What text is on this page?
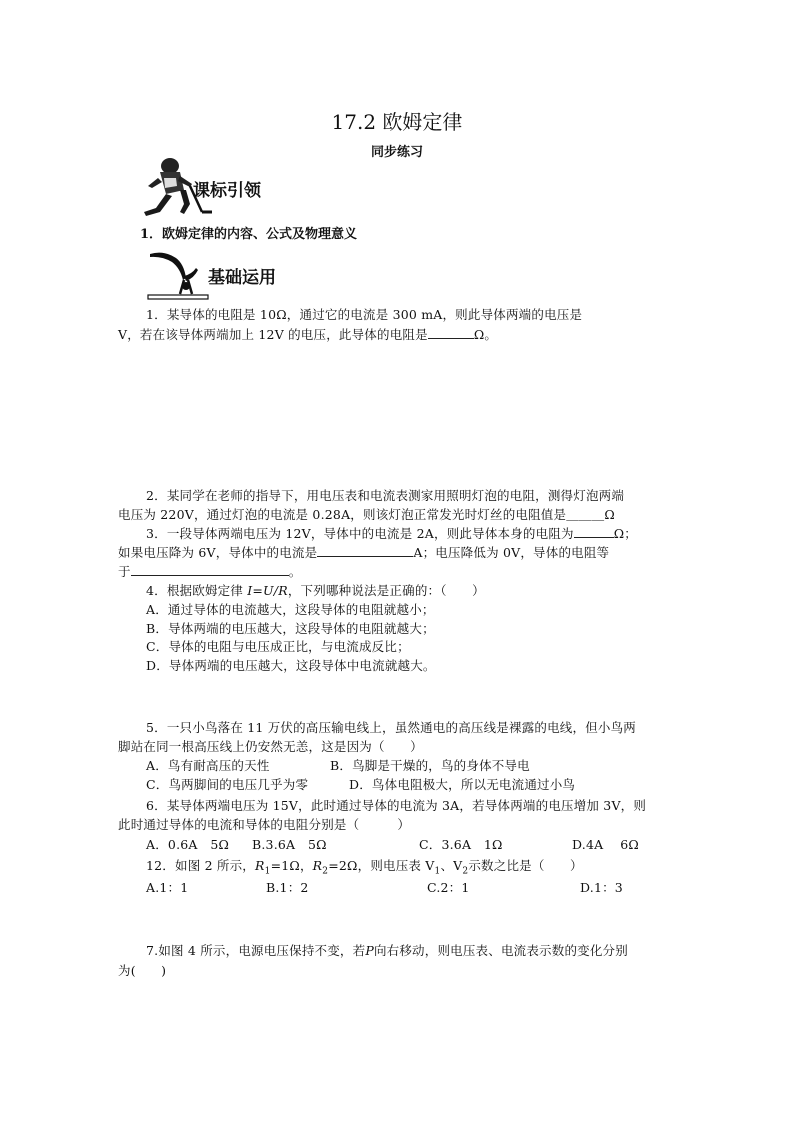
17.2 欧姆定律
同步练习
课标引领
1．欧姆定律的内容、公式及物理意义
基础运用
1．某导体的电阻是 10Ω，通过它的电流是 300 mA，则此导体两端的电压是
V，若在该导体两端加上 12V 的电压，此导体的电阻是	Ω。
2．某同学在老师的指导下，用电压表和电流表测家用照明灯泡的电阻，测得灯泡两端
电压为 220V，通过灯泡的电流是 0.28A，则该灯泡正常发光时灯丝的电阻值是＿＿＿Ω
3．一段导体两端电压为 12V，导体中的电流是 2A，则此导体本身的电阻为	Ω；
如果电压降为 6V，导体中的电流是	A；电压降低为 0V，导体的电阻等
于	。
4．根据欧姆定律 I=U/R，下列哪种说法是正确的：（　　）
A．通过导体的电流越大，这段导体的电阻就越小；
B．导体两端的电压越大，这段导体的电阻就越大；
C．导体的电阻与电压成正比，与电流成反比；
D．导体两端的电压越大，这段导体中电流就越大。
5．一只小鸟落在 11 万伏的高压输电线上，虽然通电的高压线是裸露的电线，但小鸟两
脚站在同一根高压线上仍安然无恙，这是因为（　　）
A．鸟有耐高压的天性	B．鸟脚是干燥的，鸟的身体不导电
C．鸟两脚间的电压几乎为零	D．鸟体电阻极大，所以无电流通过小鸟
6．某导体两端电压为 15V，此时通过导体的电流为 3A，若导体两端的电压增加 3V，则
此时通过导体的电流和导体的电阻分别是（　　　）
A．0.6A　5Ω B.3.6A　5Ω	C．3.6A　1Ω	D.4A　 6Ω
12．如图 2 所示，$R_1=1\Omega$，$R_2=2\Omega$，则电压表 $V_1$、$V_2$示数之比是（　　）
A.1：1	B.1：2	C.2：1	D.1：3
7.如图 4 所示，电源电压保持不变，若P向右移动，则电压表、电流表示数的变化分别
为(　　)
